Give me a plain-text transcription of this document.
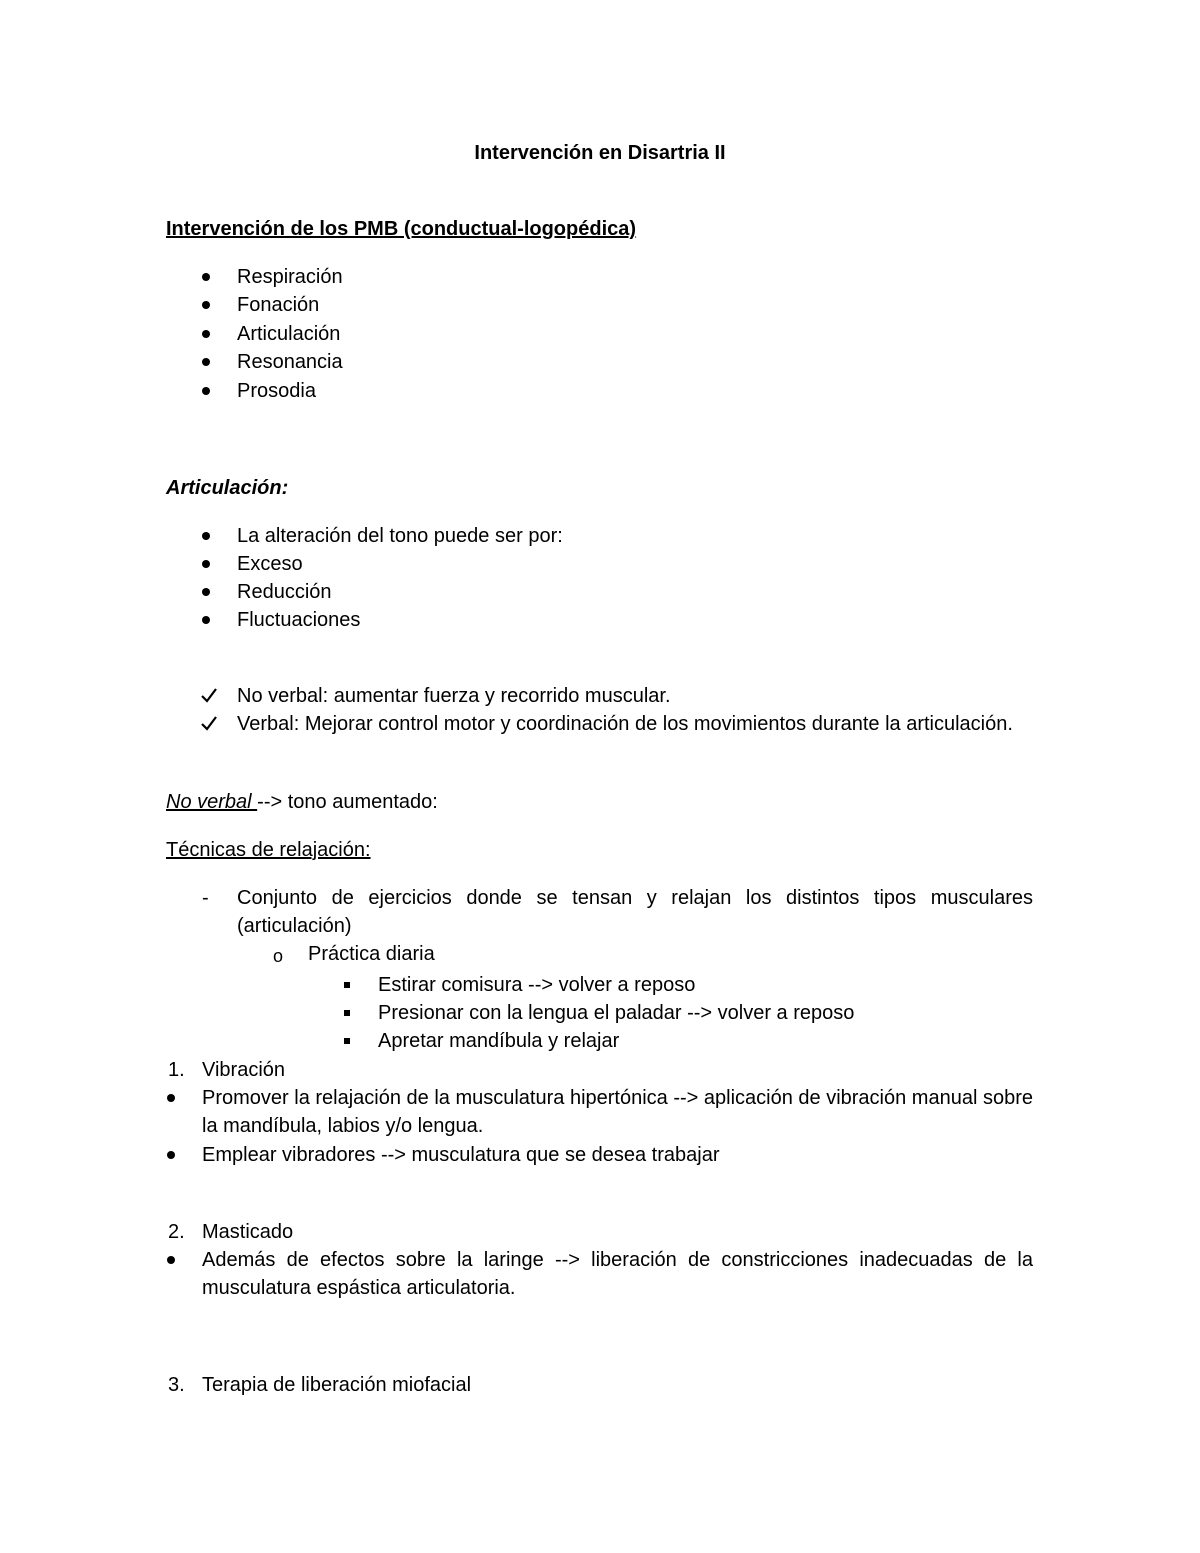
Intervención en Disartria II
Intervención de los PMB (conductual-logopédica)
Respiración
Fonación
Articulación
Resonancia
Prosodia
Articulación:
La alteración del tono puede ser por:
Exceso
Reducción
Fluctuaciones
No verbal: aumentar fuerza y recorrido muscular.
Verbal: Mejorar control motor y coordinación de los movimientos durante la articulación.
No verbal --> tono aumentado:
Técnicas de relajación:
-	Conjunto de ejercicios donde se tensan y relajan los distintos tipos musculares (articulación)
o	Práctica diaria
Estirar comisura --> volver a reposo
Presionar con la lengua el paladar --> volver a reposo
Apretar mandíbula y relajar
1. Vibración
Promover la relajación de la musculatura hipertónica --> aplicación de vibración manual sobre la mandíbula, labios y/o lengua.
Emplear vibradores --> musculatura que se desea trabajar
2. Masticado
Además de efectos sobre la laringe --> liberación de constricciones inadecuadas de la musculatura espástica articulatoria.
3. Terapia de liberación miofacial
